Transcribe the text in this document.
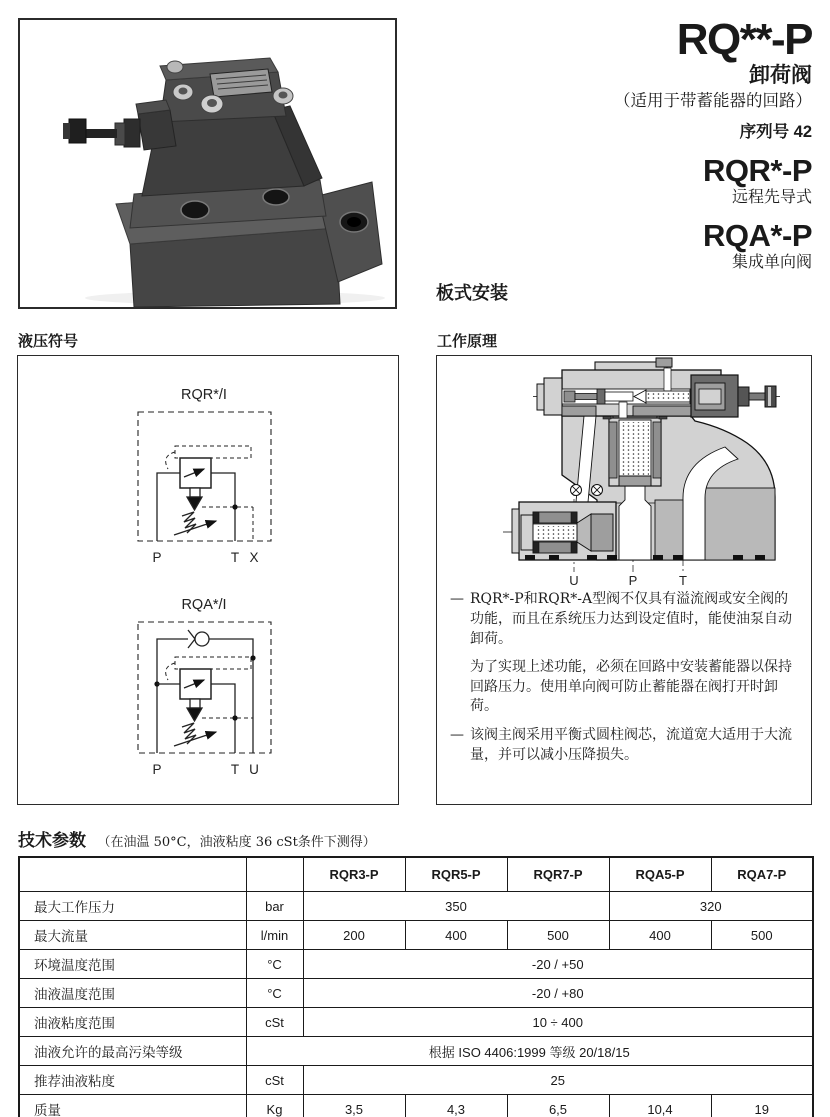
RQ**-P
卸荷阀
（适用于带蓄能器的回路）
序列号 42
RQR*-P
远程先导式
RQA*-P
集成单向阀
板式安装
液压符号
RQR*/I
P	T X
RQA*/I
P	T U
工作原理
U	P	T
— RQR*-P和RQR*-A型阀不仅具有溢流阀或安全阀的功能，而且在系统压力达到设定值时，能使油泵自动卸荷。
为了实现上述功能，必须在回路中安装蓄能器以保持回路压力。使用单向阀可防止蓄能器在阀打开时卸荷。
— 该阀主阀采用平衡式圆柱阀芯，流道宽大适用于大流量，并可以减小压降损失。
技术参数 （在油温 50°C，油液粘度 36 cSt条件下测得）
		RQR3-P	RQR5-P	RQR7-P	RQA5-P	RQA7-P
最大工作压力	bar	350			320	
最大流量	l/min	200	400	500	400	500
环境温度范围	°C	-20 / +50				
油液温度范围	°C	-20 / +80				
油液粘度范围	cSt	10 ÷ 400				
油液允许的最高污染等级	根据 ISO 4406:1999 等级 20/18/15					
推荐油液粘度	cSt	25				
质量	Kg	3,5	4,3	6,5	10,4	19
